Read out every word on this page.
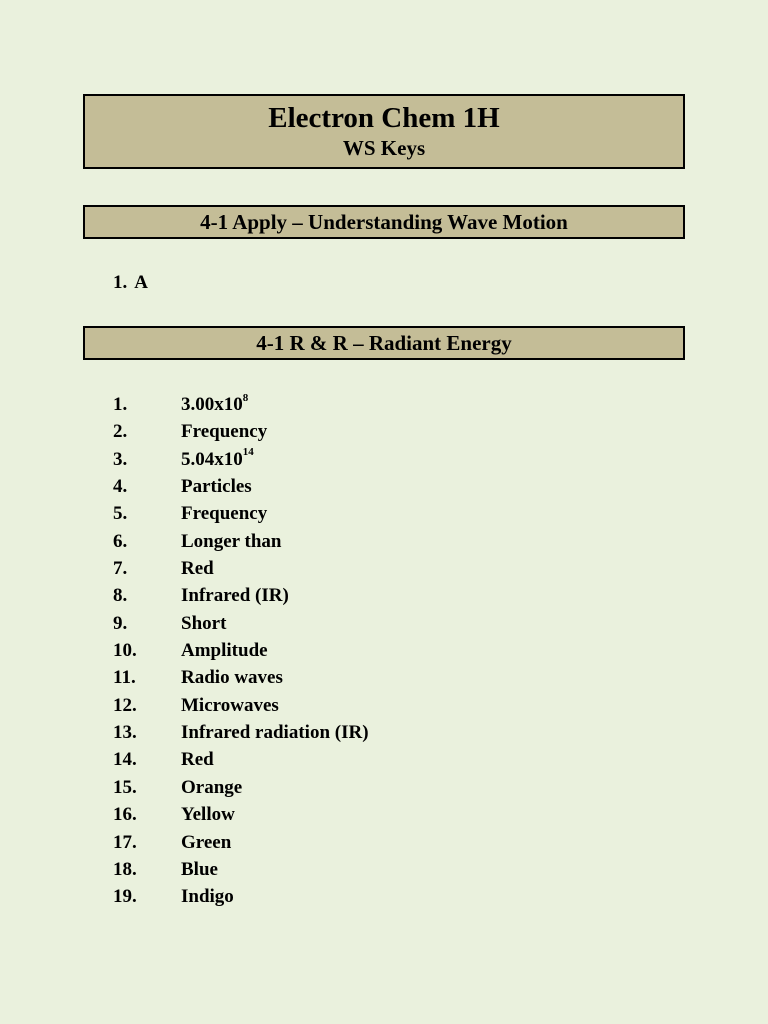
Electron Chem 1H
WS Keys
4-1 Apply – Understanding Wave Motion
1. A
4-1 R & R – Radiant Energy
1.	$3.00x10^8$
2.	Frequency
3.	$5.04x10^{14}$
4.	Particles
5.	Frequency
6.	Longer than
7.	Red
8.	Infrared (IR)
9.	Short
10. Amplitude
11. Radio waves
12. Microwaves
13. Infrared radiation (IR)
14. Red
15. Orange
16. Yellow
17. Green
18. Blue
19. Indigo
